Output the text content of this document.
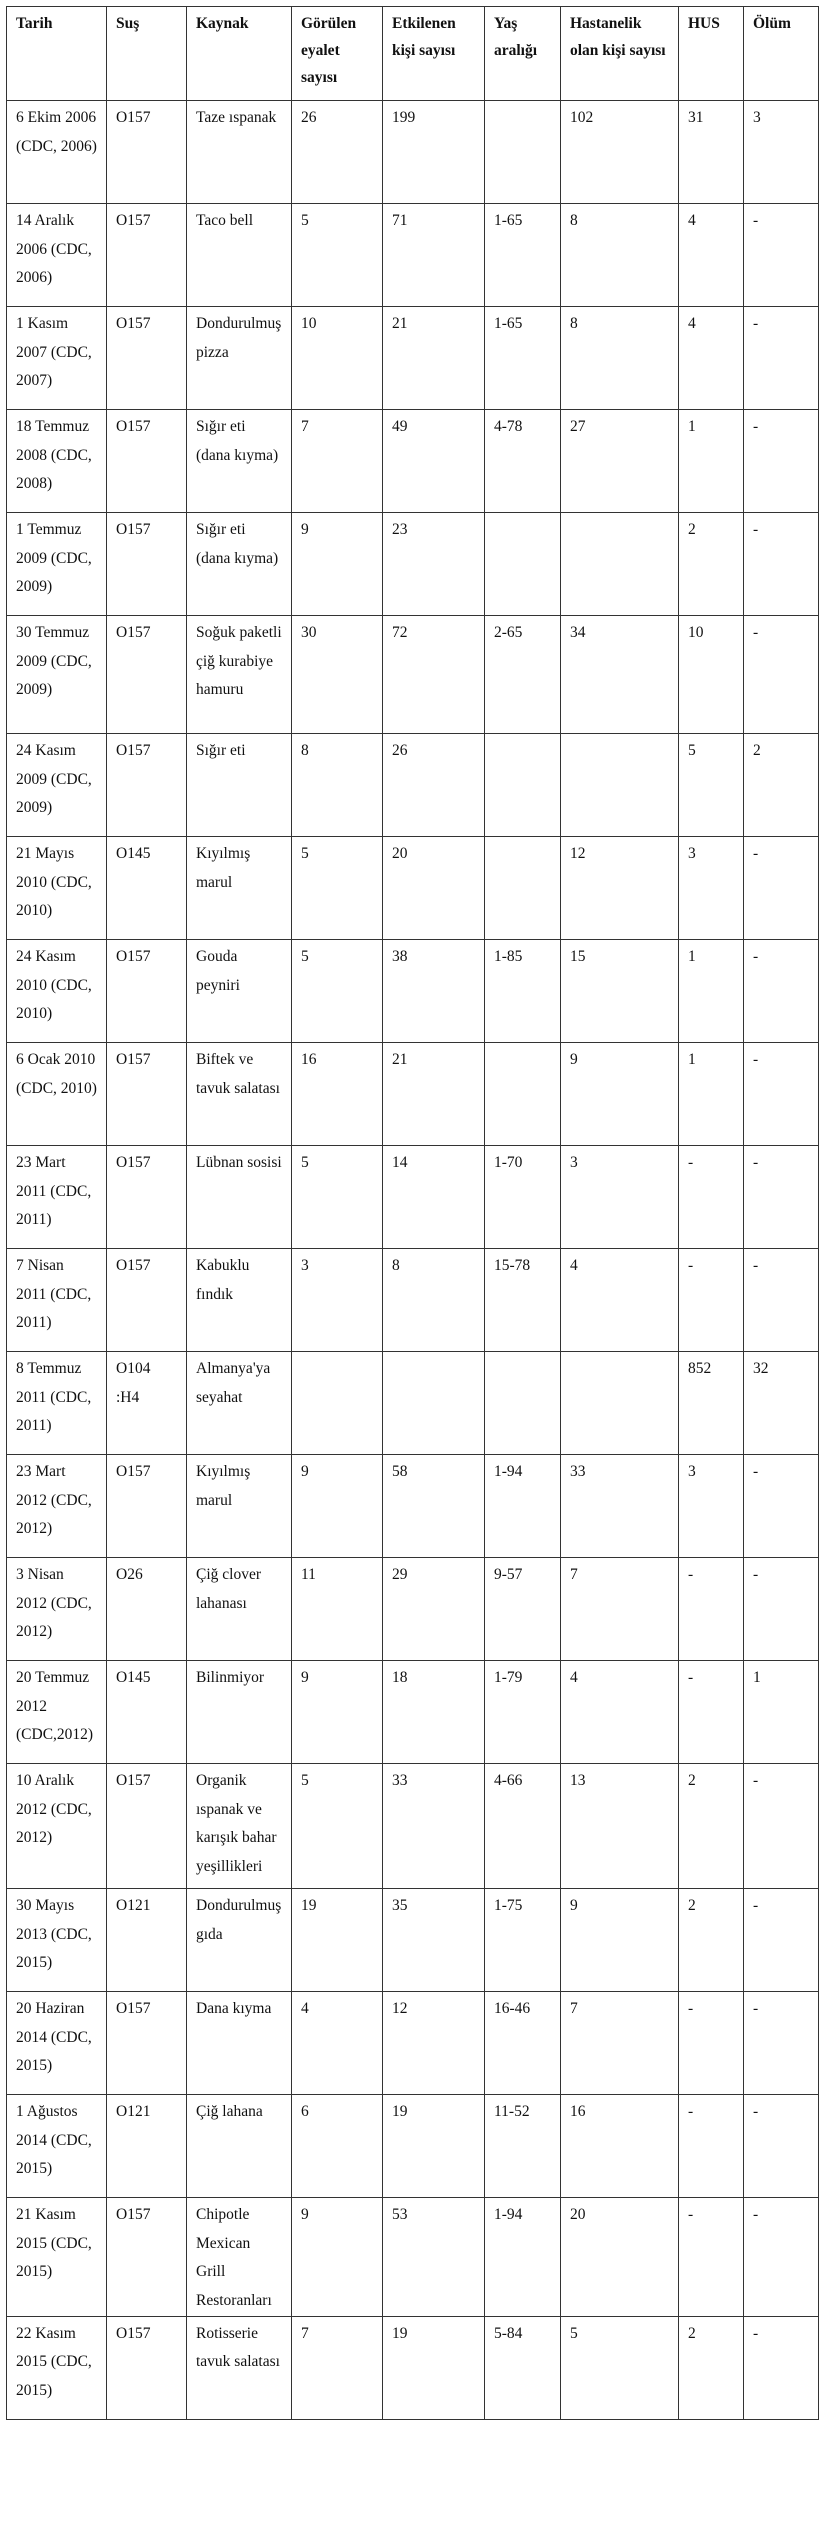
Tarih	Suş	Kaynak	Görülen eyalet sayısı	Etkilenen kişi sayısı	Yaş aralığı	Hastanelik olan kişi sayısı	HUS	Ölüm
6 Ekim 2006 (CDC, 2006)	O157	Taze ıspanak	26	199		102	31	3
14 Aralık 2006 (CDC, 2006)	O157	Taco bell	5	71	1-65	8	4	-
1 Kasım 2007 (CDC, 2007)	O157	Dondurulmuş pizza	10	21	1-65	8	4	-
18 Temmuz 2008 (CDC, 2008)	O157	Sığır eti (dana kıyma)	7	49	4-78	27	1	-
1 Temmuz 2009 (CDC, 2009)	O157	Sığır eti (dana kıyma)	9	23			2	-
30 Temmuz 2009 (CDC, 2009)	O157	Soğuk paketli çiğ kurabiye hamuru	30	72	2-65	34	10	-
24 Kasım 2009 (CDC, 2009)	O157	Sığır eti	8	26			5	2
21 Mayıs 2010 (CDC, 2010)	O145	Kıyılmış marul	5	20		12	3	-
24 Kasım 2010 (CDC, 2010)	O157	Gouda peyniri	5	38	1-85	15	1	-
6 Ocak 2010 (CDC, 2010)	O157	Biftek ve tavuk salatası	16	21		9	1	-
23 Mart 2011 (CDC, 2011)	O157	Lübnan sosisi	5	14	1-70	3	-	-
7 Nisan 2011 (CDC, 2011)	O157	Kabuklu fındık	3	8	15-78	4	-	-
8 Temmuz 2011 (CDC, 2011)	O104 :H4	Almanya'ya seyahat					852	32
23 Mart 2012 (CDC, 2012)	O157	Kıyılmış marul	9	58	1-94	33	3	-
3 Nisan 2012 (CDC, 2012)	O26	Çiğ clover lahanası	11	29	9-57	7	-	-
20 Temmuz 2012 (CDC,2012)	O145	Bilinmiyor	9	18	1-79	4	-	1
10 Aralık 2012 (CDC, 2012)	O157	Organik ıspanak ve karışık bahar yeşillikleri	5	33	4-66	13	2	-
30 Mayıs 2013 (CDC, 2015)	O121	Dondurulmuş gıda	19	35	1-75	9	2	-
20 Haziran 2014 (CDC, 2015)	O157	Dana kıyma	4	12	16-46	7	-	-
1 Ağustos 2014 (CDC, 2015)	O121	Çiğ lahana	6	19	11-52	16	-	-
21 Kasım 2015 (CDC, 2015)	O157	Chipotle Mexican Grill Restoranları	9	53	1-94	20	-	-
22 Kasım 2015 (CDC, 2015)	O157	Rotisserie tavuk salatası	7	19	5-84	5	2	-
